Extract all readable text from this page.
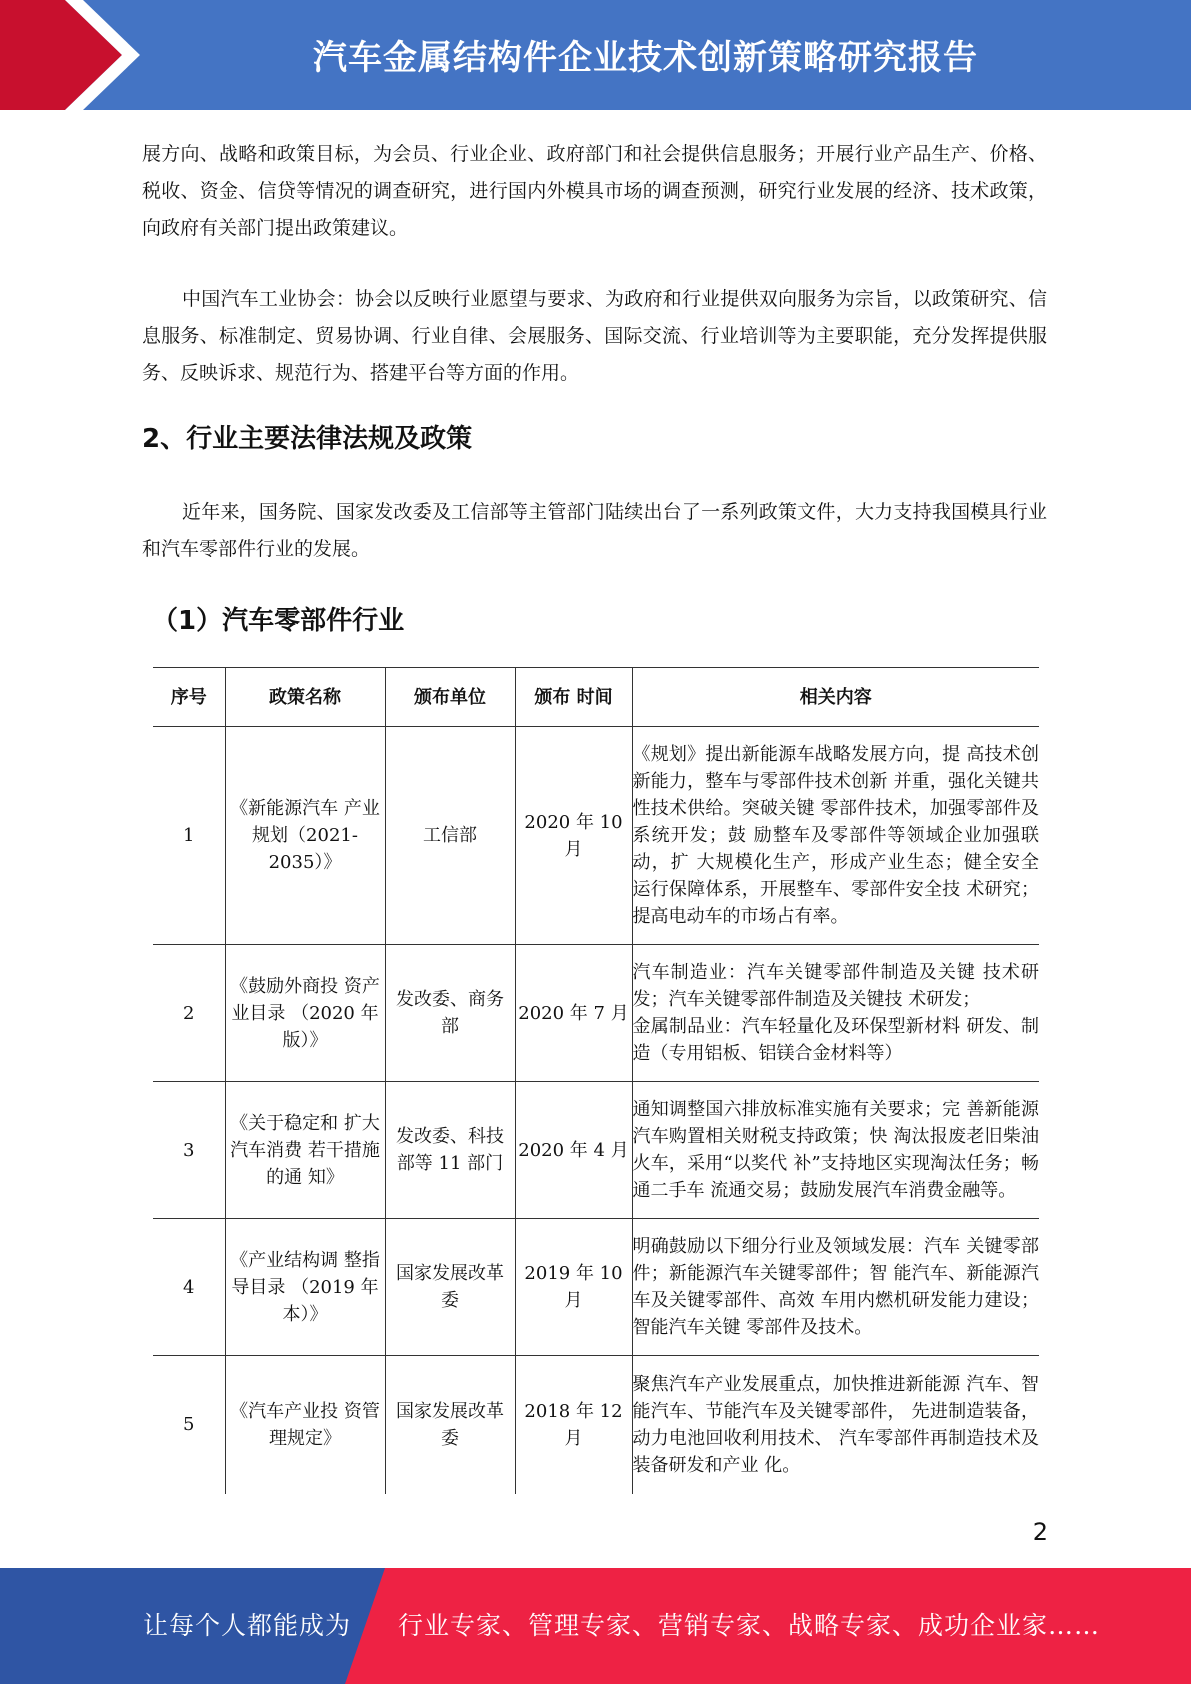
汽车金属结构件企业技术创新策略研究报告

展方向、战略和政策目标，为会员、行业企业、政府部门和社会提供信息服务；开展行业产品生产、价格、税收、资金、信贷等情况的调查研究，进行国内外模具市场的调查预测，研究行业发展的经济、技术政策，向政府有关部门提出政策建议。

中国汽车工业协会：协会以反映行业愿望与要求、为政府和行业提供双向服务为宗旨，以政策研究、信息服务、标准制定、贸易协调、行业自律、会展服务、国际交流、行业培训等为主要职能，充分发挥提供服务、反映诉求、规范行为、搭建平台等方面的作用。

2、行业主要法律法规及政策

近年来，国务院、国家发改委及工信部等主管部门陆续出台了一系列政策文件，大力支持我国模具行业和汽车零部件行业的发展。

（1）汽车零部件行业
序号	政策名称	颁布单位	颁布 时间	相关内容
1	《新能源汽车 产业规划（2021-2035）》	工信部	2020 年 10 月	《规划》提出新能源车战略发展方向，提 高技术创新能力，整车与零部件技术创新 并重，强化关键共性技术供给。突破关键 零部件技术，加强零部件及系统开发；鼓 励整车及零部件等领域企业加强联动，扩 大规模化生产，形成产业生态；健全安全 运行保障体系，开展整车、零部件安全技 术研究；提高电动车的市场占有率。
2	《鼓励外商投 资产业目录 （2020 年版）》	发改委、商务部	2020 年 7 月	汽车制造业：汽车关键零部件制造及关键 技术研发；汽车关键零部件制造及关键技 术研发；
金属制品业：汽车轻量化及环保型新材料 研发、制造（专用铝板、铝镁合金材料等）
3	《关于稳定和 扩大汽车消费 若干措施的通 知》	发改委、科技部等 11 部门	2020 年 4 月	通知调整国六排放标准实施有关要求；完 善新能源汽车购置相关财税支持政策；快 淘汰报废老旧柴油火车，采用“以奖代 补”支持地区实现淘汰任务；畅通二手车 流通交易；鼓励发展汽车消费金融等。
4	《产业结构调 整指导目录 （2019 年本）》	国家发展改革委	2019 年 10 月	明确鼓励以下细分行业及领域发展：汽车 关键零部件；新能源汽车关键零部件；智 能汽车、新能源汽车及关键零部件、高效 车用内燃机研发能力建设；智能汽车关键 零部件及技术。
5	《汽车产业投 资管理规定》	国家发展改革委	2018 年 12 月	聚焦汽车产业发展重点，加快推进新能源 汽车、智能汽车、节能汽车及关键零部件， 先进制造装备，动力电池回收利用技术、 汽车零部件再制造技术及装备研发和产业 化。
2
让每个人都能成为 行业专家、管理专家、营销专家、战略专家、成功企业家……
